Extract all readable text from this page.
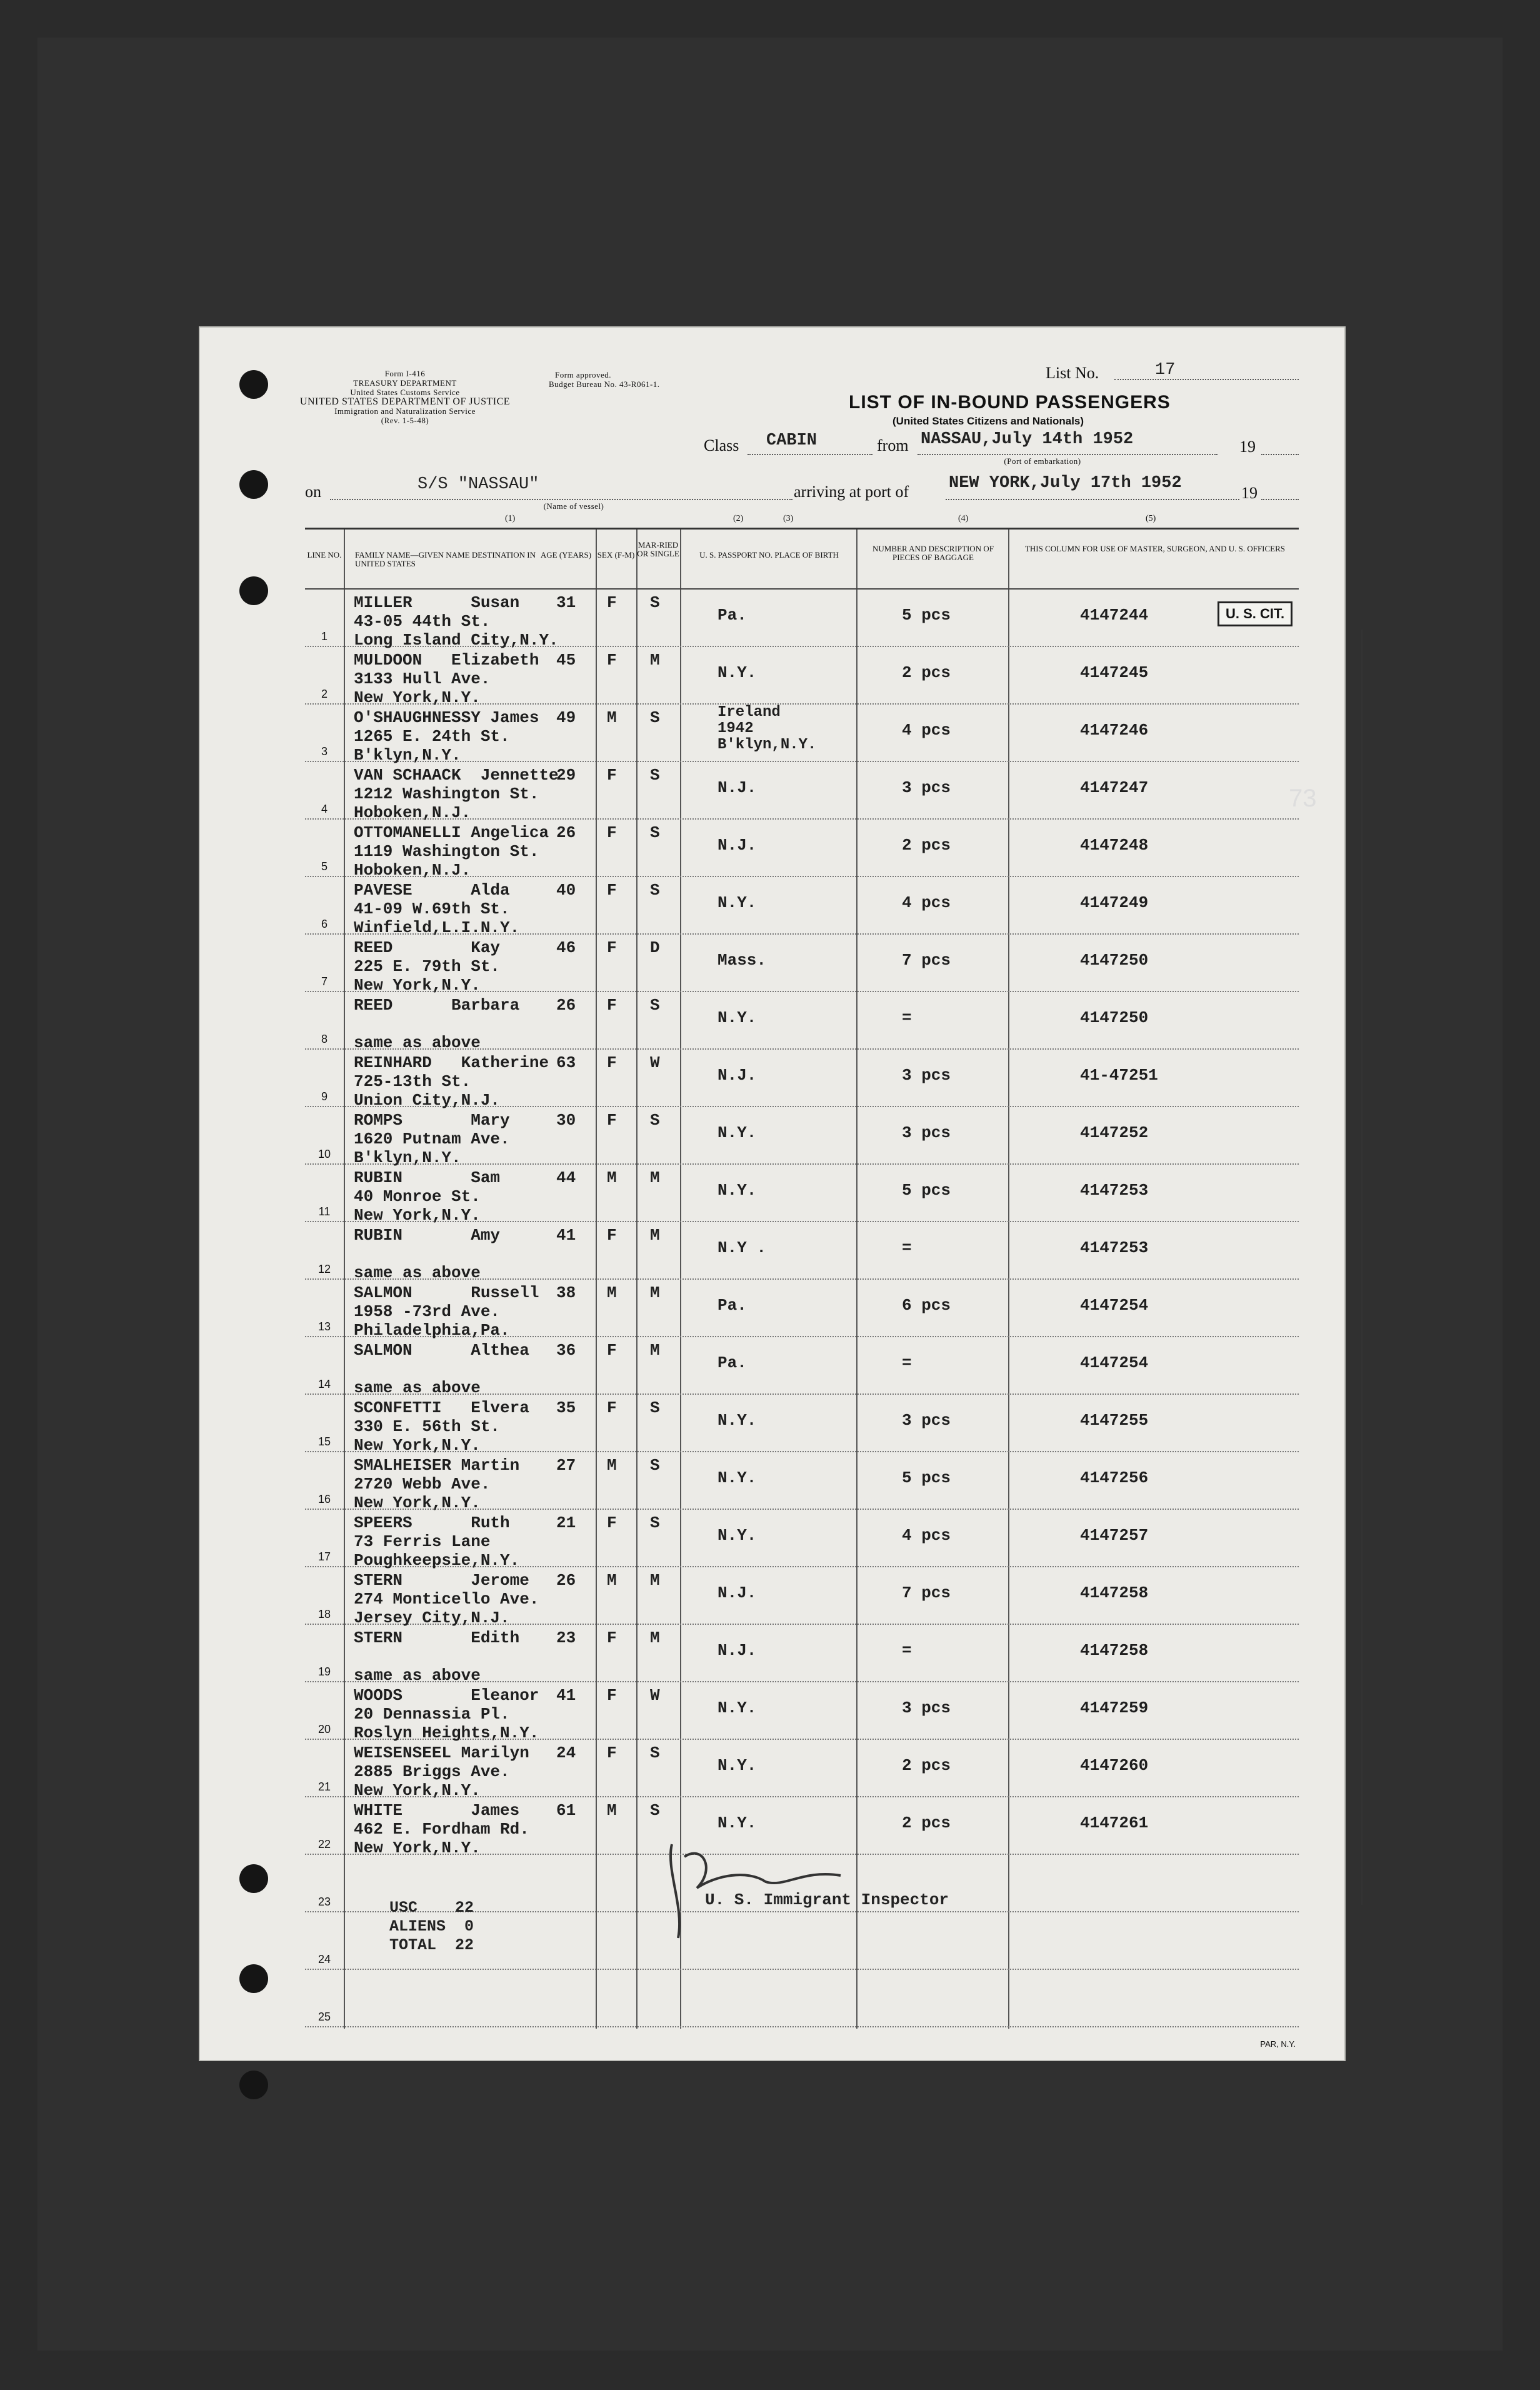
Form I-416
TREASURY DEPARTMENT
United States Customs Service
UNITED STATES DEPARTMENT OF JUSTICE
Immigration and Naturalization Service
(Rev. 1-5-48)
Form approved.
Budget Bureau No. 43-R061-1.
List No.	17
LIST OF IN-BOUND PASSENGERS
(United States Citizens and Nationals)
Class CABIN	from NASSAU,July 14th 1952
(Port of embarkation)
19
on	S/S "NASSAU"
(Name of vessel)
arriving at port of NEW YORK,July 17th 1952
19
(1)	(2)	(3)	(4)	(5)
LINE NO.	FAMILY NAME—GIVEN NAME DESTINATION IN UNITED STATES
AGE (YEARS) SEX (F-M)
MAR-RIED OR SINGLE	U. S. PASSPORT NO. PLACE OF BIRTH
NUMBER AND DESCRIPTION OF PIECES OF BAGGAGE
THIS COLUMN FOR USE OF MASTER, SURGEON, AND U. S. OFFICERS
1
MILLER      Susan
43-05 44th St.
Long Island City,N.Y.
31 F S
Pa.	5 pcs	4147244
2
MULDOON   Elizabeth
3133 Hull Ave.
New York,N.Y.
45 F M
N.Y.	2 pcs	4147245
3
O'SHAUGHNESSY James
1265 E. 24th St.
B'klyn,N.Y.
49 M S	Ireland
1942
B'klyn,N.Y.
4 pcs	4147246
4
VAN SCHAACK  Jennette
1212 Washington St.
Hoboken,N.J.
29 F S
N.J.	3 pcs	4147247
5
OTTOMANELLI Angelica
1119 Washington St.
Hoboken,N.J.
26 F S
N.J.	2 pcs	4147248
6
PAVESE      Alda
41-09 W.69th St.
Winfield,L.I.N.Y.
40 F S
N.Y.	4 pcs	4147249
7
REED        Kay
225 E. 79th St.
New York,N.Y.
46 F D
Mass.	7 pcs	4147250
8
REED      Barbara
same as above
26 F S
N.Y.	=	4147250
9
REINHARD   Katherine
725-13th St.
Union City,N.J.
63 F W
N.J.	3 pcs	41-47251
10
ROMPS       Mary
1620 Putnam Ave.
B'klyn,N.Y.
30 F S
N.Y.	3 pcs	4147252
11
RUBIN       Sam
40 Monroe St.
New York,N.Y.
44 M M
N.Y.	5 pcs	4147253
12
RUBIN       Amy
same as above
41 F M
N.Y .	=	4147253
13
SALMON      Russell
1958 -73rd Ave.
Philadelphia,Pa.
38 M M
Pa.	6 pcs	4147254
14
SALMON      Althea
same as above
36 F M
Pa.	=	4147254
15
SCONFETTI   Elvera
330 E. 56th St.
New York,N.Y.
35 F S
N.Y.	3 pcs	4147255
16
SMALHEISER Martin
2720 Webb Ave.
New York,N.Y.
27 M S
N.Y.	5 pcs	4147256
17
SPEERS      Ruth
73 Ferris Lane
Poughkeepsie,N.Y.
21 F S
N.Y.	4 pcs	4147257
18
STERN       Jerome
274 Monticello Ave.
Jersey City,N.J.
26 M M
N.J.	7 pcs	4147258
19
STERN       Edith
same as above
23 F M
N.J.	=	4147258
20
WOODS       Eleanor
20 Dennassia Pl.
Roslyn Heights,N.Y.
41 F W
N.Y.	3 pcs	4147259
21
WEISENSEEL Marilyn
2885 Briggs Ave.
New York,N.Y.
24 F S
N.Y.	2 pcs	4147260
22
WHITE       James
462 E. Fordham Rd.
New York,N.Y.
61 M S
N.Y.	2 pcs	4147261
23
24
25
U. S. CIT.
USC 22
ALIENS 0
TOTAL 22
U. S. Immigrant Inspector
PAR, N.Y.
73
